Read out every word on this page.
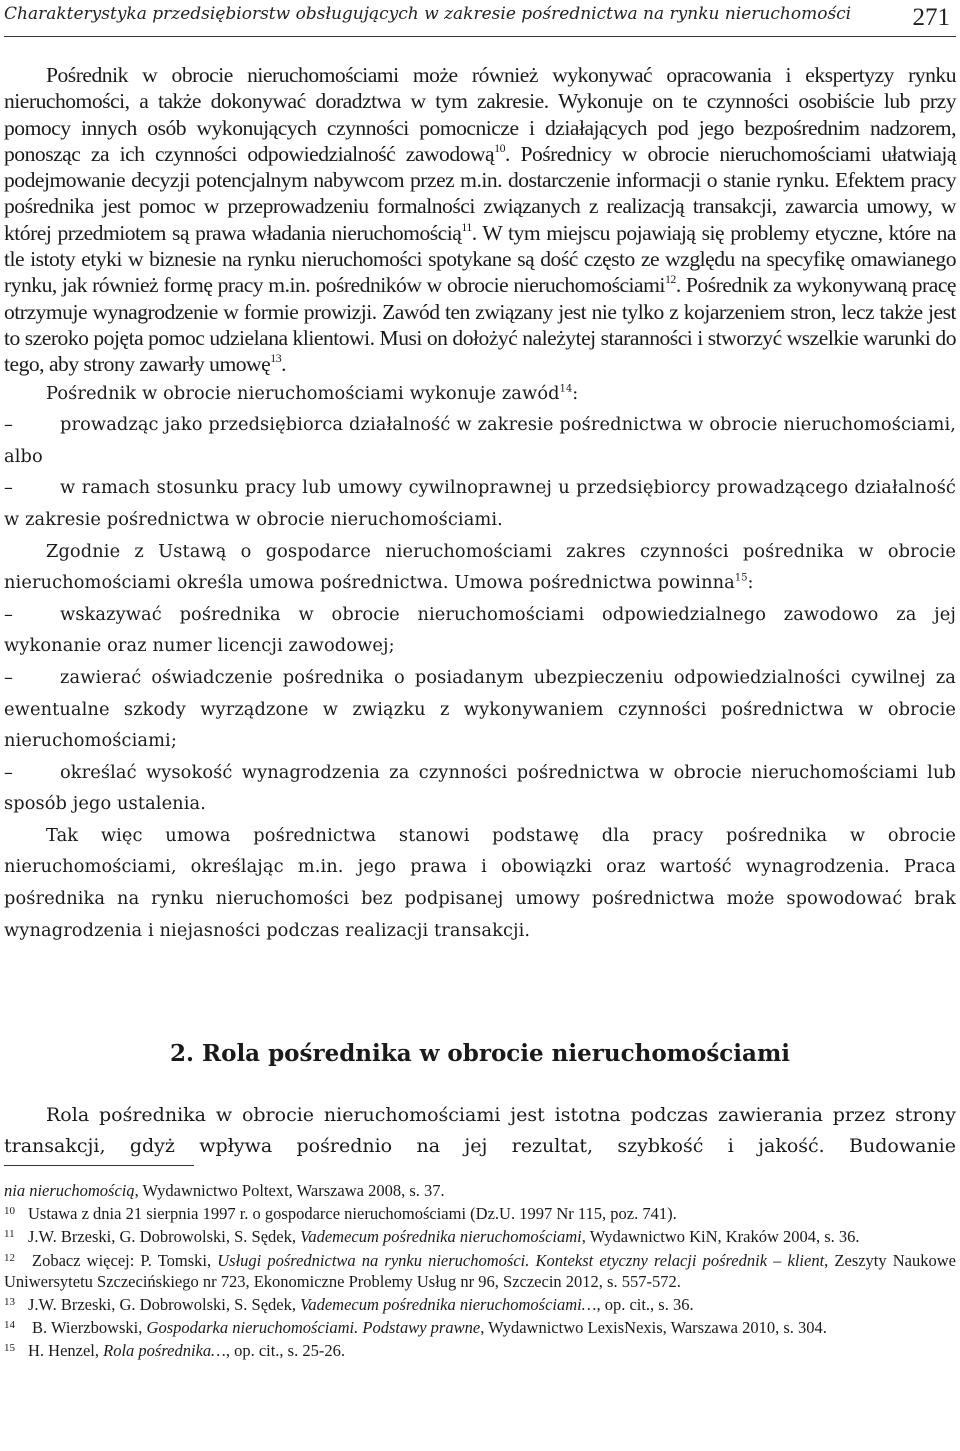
Charakterystyka przedsiębiorstw obsługujących w zakresie pośrednictwa na rynku nieruchomości 271

Pośrednik w obrocie nieruchomościami może również wykonywać opracowania i ekspertyzy rynku nieruchomości, a także dokonywać doradztwa w tym zakresie. Wykonuje on te czynności osobiście lub przy pomocy innych osób wykonujących czynności pomocnicze i działających pod jego bezpośrednim nadzorem, ponosząc za ich czynności odpowiedzialność zawodową$^{10}$. Pośrednicy w obrocie nieruchomościami ułatwiają podejmowanie decyzji potencjalnym nabywcom przez m.in. dostarczenie informacji o stanie rynku. Efektem pracy pośrednika jest pomoc w przeprowadzeniu formalności związanych z realizacją transakcji, zawarcia umowy, w której przedmiotem są prawa władania nieruchomością$^{11}$. W tym miejscu pojawiają się problemy etyczne, które na tle istoty etyki w biznesie na rynku nieruchomości spotykane są dość często ze względu na specyfikę omawianego rynku, jak również formę pracy m.in. pośredników w obrocie nieruchomościami$^{12}$. Pośrednik za wykonywaną pracę otrzymuje wynagrodzenie w formie prowizji. Zawód ten związany jest nie tylko z kojarzeniem stron, lecz także jest to szeroko pojęta pomoc udzielana klientowi. Musi on dołożyć należytej staranności i stworzyć wszelkie warunki do tego, aby strony zawarły umowę$^{13}$.

Pośrednik w obrocie nieruchomościami wykonuje zawód$^{14}$:

–	prowadząc jako przedsiębiorca działalność w zakresie pośrednictwa w obrocie nieruchomościami, albo

–	w ramach stosunku pracy lub umowy cywilnoprawnej u przedsiębiorcy prowadzącego działalność w zakresie pośrednictwa w obrocie nieruchomościami.

Zgodnie z Ustawą o gospodarce nieruchomościami zakres czynności pośrednika w obrocie nieruchomościami określa umowa pośrednictwa. Umowa pośrednictwa powinna$^{15}$:

–	wskazywać pośrednika w obrocie nieruchomościami odpowiedzialnego zawodowo za jej wykonanie oraz numer licencji zawodowej;

–	zawierać oświadczenie pośrednika o posiadanym ubezpieczeniu odpowiedzialności cywilnej za ewentualne szkody wyrządzone w związku z wykonywaniem czynności pośrednictwa w obrocie nieruchomościami;

–	określać wysokość wynagrodzenia za czynności pośrednictwa w obrocie nieruchomościami lub sposób jego ustalenia.

Tak więc umowa pośrednictwa stanowi podstawę dla pracy pośrednika w obrocie nieruchomościami, określając m.in. jego prawa i obowiązki oraz wartość wynagrodzenia. Praca pośrednika na rynku nieruchomości bez podpisanej umowy pośrednictwa może spowodować brak wynagrodzenia i niejasności podczas realizacji transakcji.

2. Rola pośrednika w obrocie nieruchomościami

Rola pośrednika w obrocie nieruchomościami jest istotna podczas zawierania przez strony transakcji, gdyż wpływa pośrednio na jej rezultat, szybkość i jakość. Budowanie

nia nieruchomością, Wydawnictwo Poltext, Warszawa 2008, s. 37.

10 Ustawa z dnia 21 sierpnia 1997 r. o gospodarce nieruchomościami (Dz.U. 1997 Nr 115, poz. 741).

11 J.W. Brzeski, G. Dobrowolski, S. Sędek, Vademecum pośrednika nieruchomościami, Wydawnictwo KiN, Kraków 2004, s. 36.

12 Zobacz więcej: P. Tomski, Usługi pośrednictwa na rynku nieruchomości. Kontekst etyczny relacji pośrednik – klient, Zeszyty Naukowe Uniwersytetu Szczecińskiego nr 723, Ekonomiczne Problemy Usług nr 96, Szczecin 2012, s. 557-572.

13 J.W. Brzeski, G. Dobrowolski, S. Sędek, Vademecum pośrednika nieruchomościami…, op. cit., s. 36.

14 B. Wierzbowski, Gospodarka nieruchomościami. Podstawy prawne, Wydawnictwo LexisNexis, Warszawa 2010, s. 304.

15 H. Henzel, Rola pośrednika…, op. cit., s. 25-26.
